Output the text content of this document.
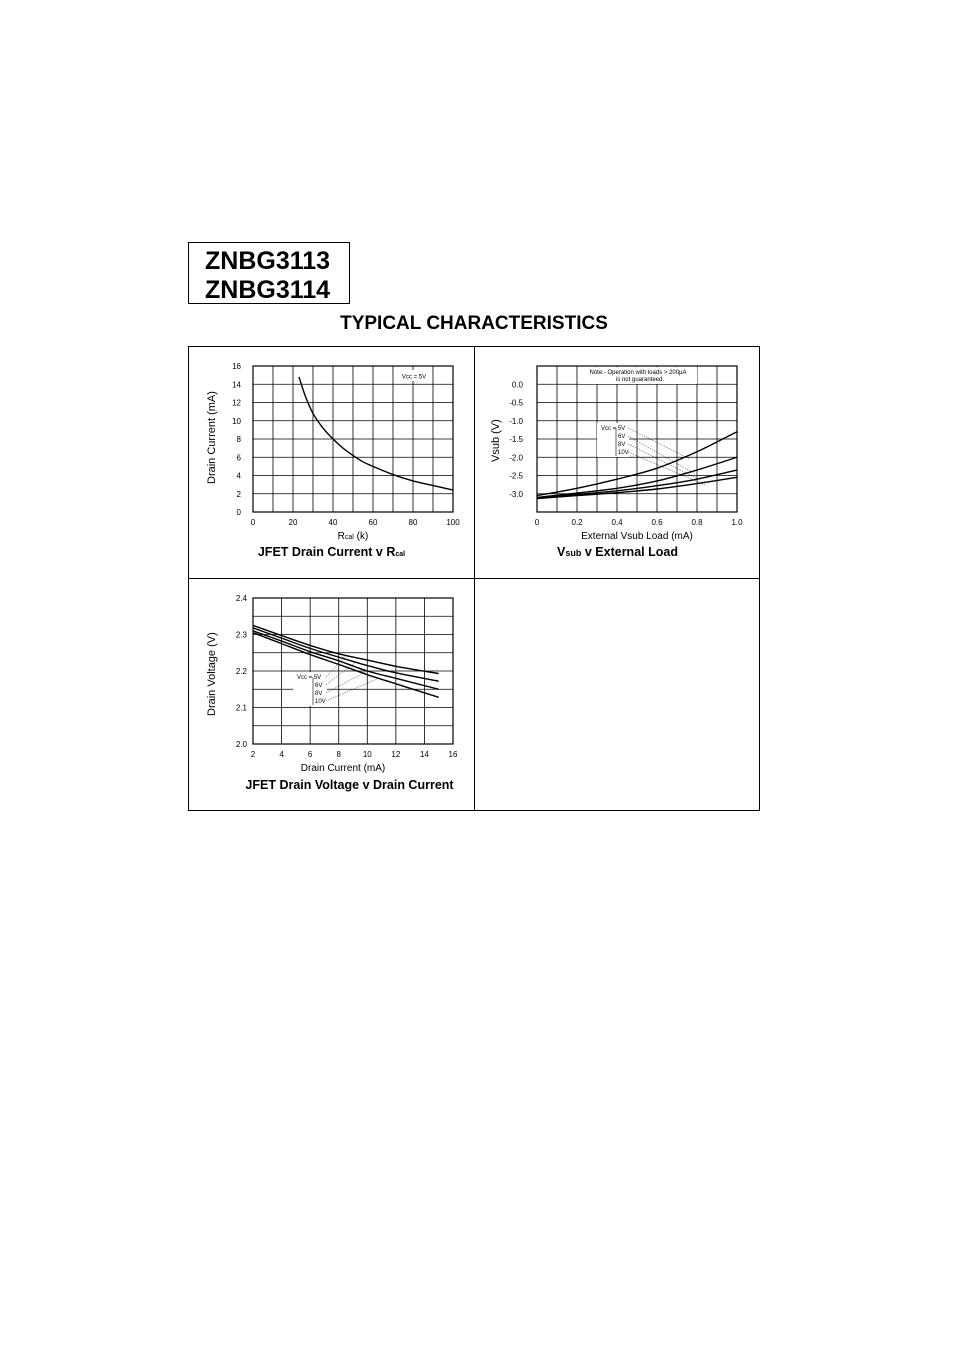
ZNBG3113
ZNBG3114
TYPICAL CHARACTERISTICS
0	20	40	60	80	100
0
2
4
6
8
10
12
14
16
Vcc = 5V
Drain Current (mA)
Rcal (k)
JFET Drain Current v Rcal
0	0.2	0.4	0.6	0.8	1.0
0.0
-0.5
-1.0
-1.5
-2.0
-2.5
-3.0
Note:- Operation with loads > 200µA
is not guaranteed.
Vcc = 5V
6V
8V
10V
Vsub (V)
External Vsub Load (mA)
Vsub v External Load
2	4	6	8	10 12 14 16
2.0
2.1
2.2
2.3
2.4
Vcc = 5V
6V
8V
10V
Drain Voltage (V)
Drain Current (mA)
JFET Drain Voltage v Drain Current
